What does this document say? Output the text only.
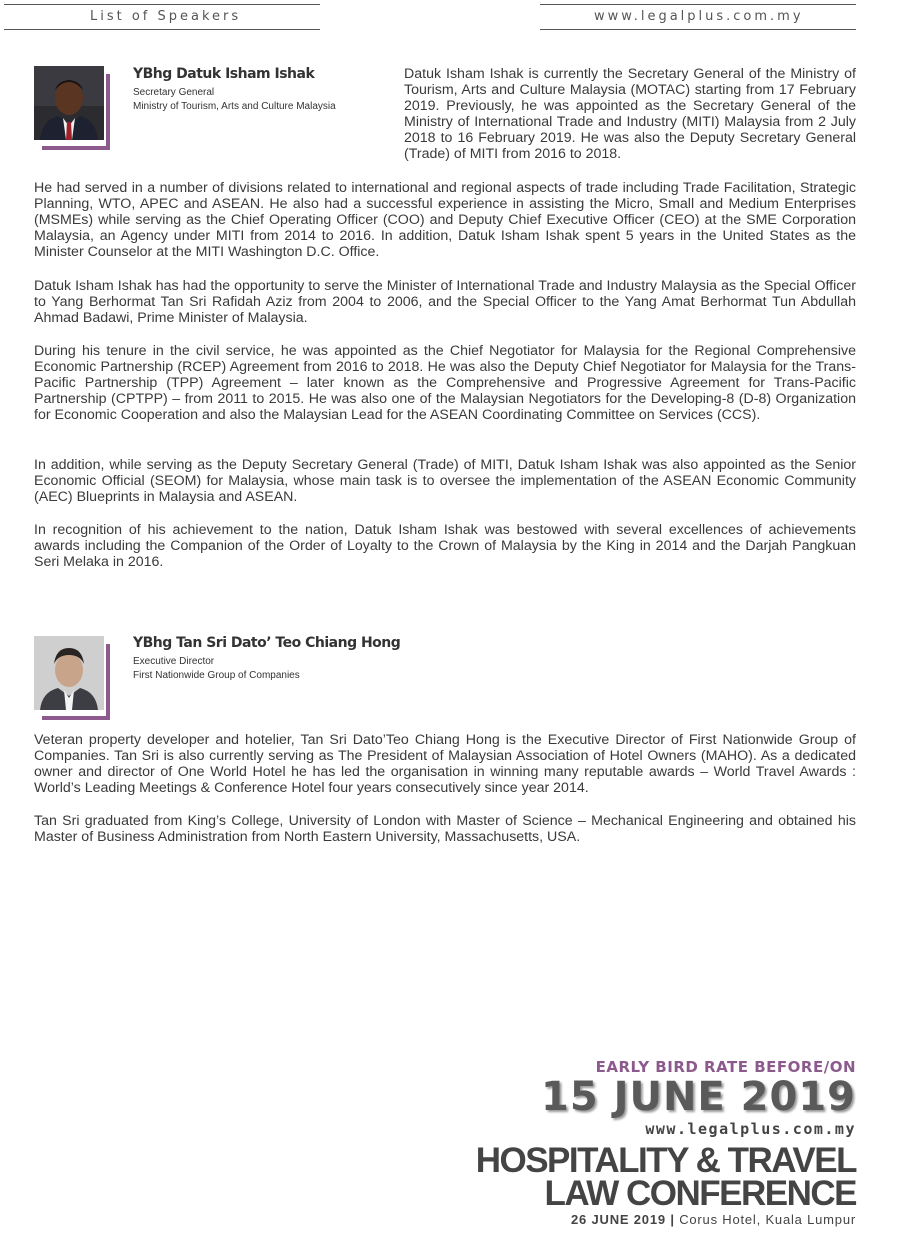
List of Speakers	www.legalplus.com.my
YBhg Datuk Isham Ishak
Secretary General
Ministry of Tourism, Arts and Culture Malaysia

Datuk Isham Ishak is currently the Secretary General of the Ministry of Tourism, Arts and Culture Malaysia (MOTAC) starting from 17 February 2019. Previously, he was appointed as the Secretary General of the Ministry of International Trade and Industry (MITI) Malaysia from 2 July 2018 to 16 February 2019. He was also the Deputy Secretary General (Trade) of MITI from 2016 to 2018.

He had served in a number of divisions related to international and regional aspects of trade including Trade Facilitation, Strategic Planning, WTO, APEC and ASEAN. He also had a successful experience in assisting the Micro, Small and Medium Enterprises (MSMEs) while serving as the Chief Operating Officer (COO) and Deputy Chief Executive Officer (CEO) at the SME Corporation Malaysia, an Agency under MITI from 2014 to 2016. In addition, Datuk Isham Ishak spent 5 years in the United States as the Minister Counselor at the MITI Washington D.C. Office.

Datuk Isham Ishak has had the opportunity to serve the Minister of International Trade and Industry Malaysia as the Special Officer to Yang Berhormat Tan Sri Rafidah Aziz from 2004 to 2006, and the Special Officer to the Yang Amat Berhormat Tun Abdullah Ahmad Badawi, Prime Minister of Malaysia.

During his tenure in the civil service, he was appointed as the Chief Negotiator for Malaysia for the Regional Comprehensive Economic Partnership (RCEP) Agreement from 2016 to 2018. He was also the Deputy Chief Negotiator for Malaysia for the Trans-Pacific Partnership (TPP) Agreement – later known as the Comprehensive and Progressive Agreement for Trans-Pacific Partnership (CPTPP) – from 2011 to 2015. He was also one of the Malaysian Negotiators for the Developing-8 (D-8) Organization for Economic Cooperation and also the Malaysian Lead for the ASEAN Coordinating Committee on Services (CCS).

In addition, while serving as the Deputy Secretary General (Trade) of MITI, Datuk Isham Ishak was also appointed as the Senior Economic Official (SEOM) for Malaysia, whose main task is to oversee the implementation of the ASEAN Economic Community (AEC) Blueprints in Malaysia and ASEAN.

In recognition of his achievement to the nation, Datuk Isham Ishak was bestowed with several excellences of achievements awards including the Companion of the Order of Loyalty to the Crown of Malaysia by the King in 2014 and the Darjah Pangkuan Seri Melaka in 2016.

YBhg Tan Sri Dato’ Teo Chiang Hong
Executive Director
First Nationwide Group of Companies

Veteran property developer and hotelier, Tan Sri Dato’Teo Chiang Hong is the Executive Director of First Nationwide Group of Companies. Tan Sri is also currently serving as The President of Malaysian Association of Hotel Owners (MAHO). As a dedicated owner and director of One World Hotel he has led the organisation in winning many reputable awards – World Travel Awards : World’s Leading Meetings & Conference Hotel four years consecutively since year 2014.

Tan Sri graduated from King’s College, University of London with Master of Science – Mechanical Engineering and obtained his Master of Business Administration from North Eastern University, Massachusetts, USA.

EARLY BIRD RATE BEFORE/ON
15 JUNE 2019
www.legalplus.com.my
HOSPITALITY & TRAVEL
LAW CONFERENCE
26 JUNE 2019 | Corus Hotel, Kuala Lumpur
